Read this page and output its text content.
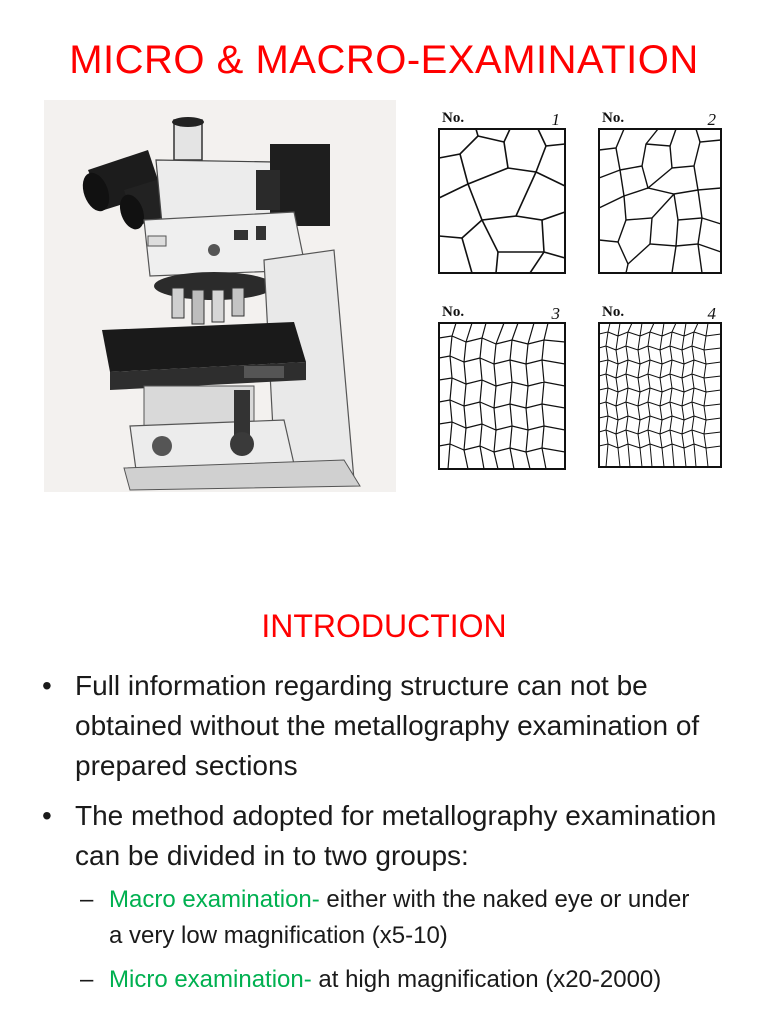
MICRO & MACRO-EXAMINATION
No.	1	No.	2
No.	3	No.	4
INTRODUCTION
• Full information regarding structure can not be obtained without the metallography examination of prepared sections
• The method adopted for metallography examination can be divided in to two groups:
– Macro examination- either with the naked eye or under a very low magnification (x5-10)
– Micro examination- at high magnification (x20-2000)
